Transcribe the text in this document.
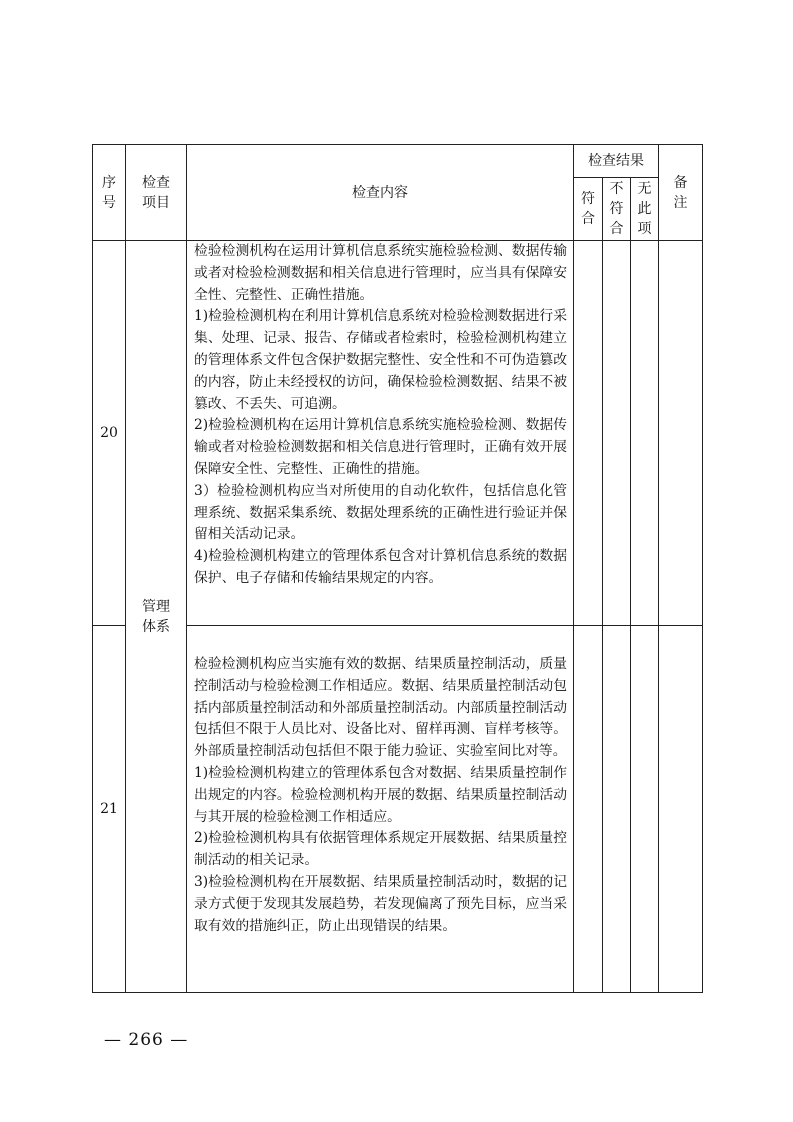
序号	检查项目	检查内容	检查结果			备注
			符合	不符合	无此项	
20	管理体系	检验检测机构在运用计算机信息系统实施检验检测、数据传输或者对检验检测数据和相关信息进行管理时，应当具有保障安全性、完整性、正确性措施。

1)检验检测机构在利用计算机信息系统对检验检测数据进行采集、处理、记录、报告、存储或者检索时，检验检测机构建立的管理体系文件包含保护数据完整性、安全性和不可伪造篡改的内容，防止未经授权的访问，确保检验检测数据、结果不被篡改、不丢失、可追溯。

2)检验检测机构在运用计算机信息系统实施检验检测、数据传输或者对检验检测数据和相关信息进行管理时，正确有效开展保障安全性、完整性、正确性的措施。

3）检验检测机构应当对所使用的自动化软件，包括信息化管理系统、数据采集系统、数据处理系统的正确性进行验证并保留相关活动记录。

4)检验检测机构建立的管理体系包含对计算机信息系统的数据保护、电子存储和传输结果规定的内容。				

21		检验检测机构应当实施有效的数据、结果质量控制活动，质量控制活动与检验检测工作相适应。数据、结果质量控制活动包括内部质量控制活动和外部质量控制活动。内部质量控制活动包括但不限于人员比对、设备比对、留样再测、盲样考核等。外部质量控制活动包括但不限于能力验证、实验室间比对等。

1)检验检测机构建立的管理体系包含对数据、结果质量控制作出规定的内容。检验检测机构开展的数据、结果质量控制活动与其开展的检验检测工作相适应。

2)检验检测机构具有依据管理体系规定开展数据、结果质量控制活动的相关记录。

3)检验检测机构在开展数据、结果质量控制活动时，数据的记录方式便于发现其发展趋势，若发现偏离了预先目标，应当采取有效的措施纠正，防止出现错误的结果。				

— 266 —
